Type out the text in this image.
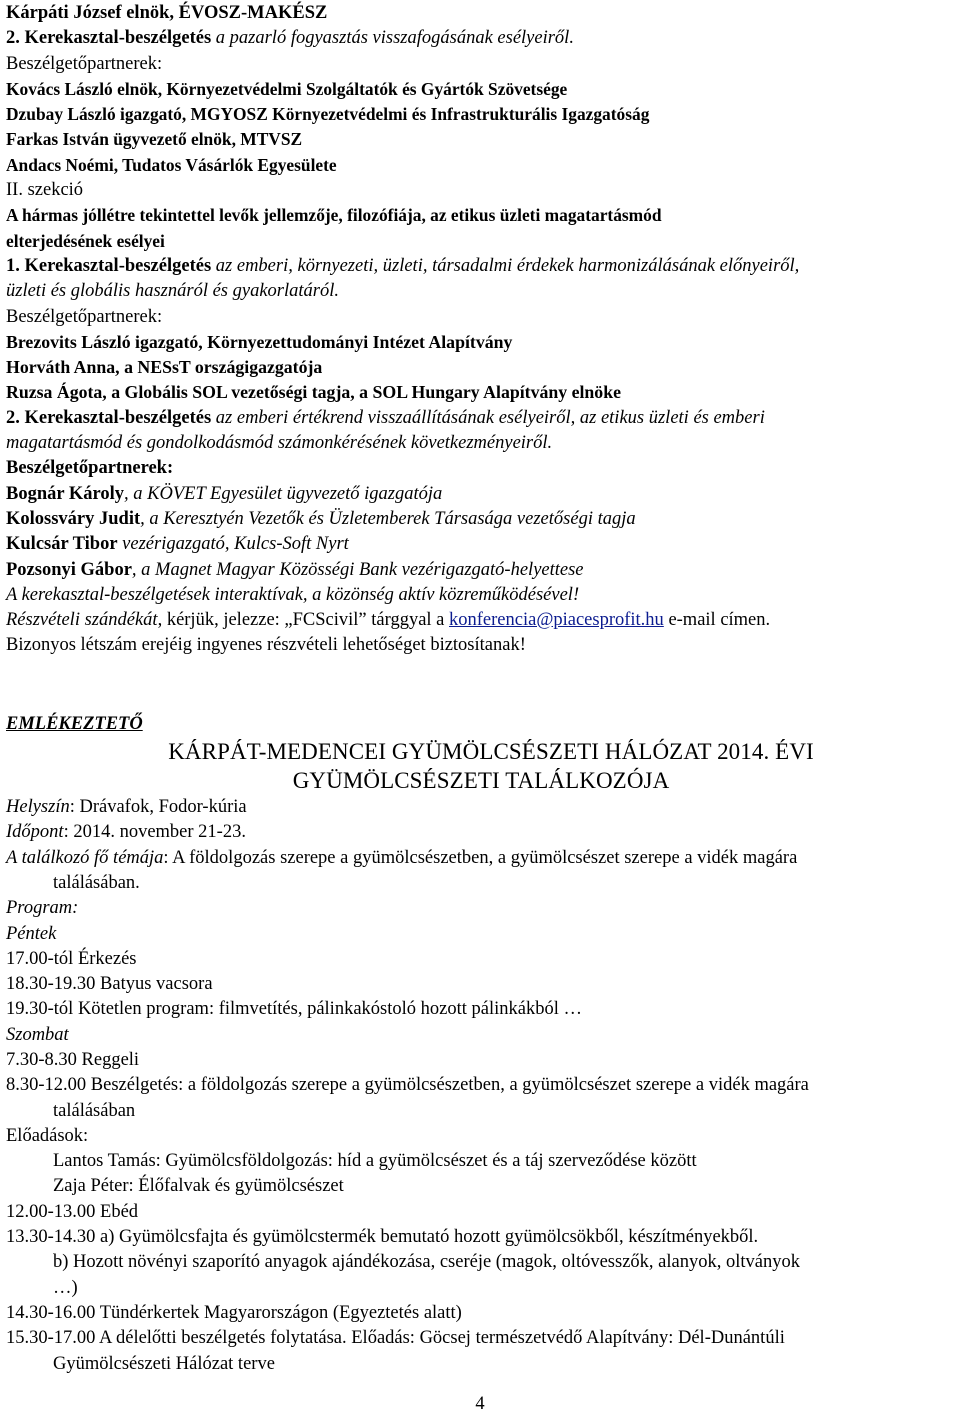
Kárpáti József elnök, ÉVOSZ-MAKÉSZ
2. Kerekasztal-beszélgetés a pazarló fogyasztás visszafogásának esélyeiről.
Beszélgetőpartnerek:
Kovács László elnök, Környezetvédelmi Szolgáltatók és Gyártók Szövetsége
Dzubay László igazgató, MGYOSZ Környezetvédelmi és Infrastrukturális Igazgatóság
Farkas István ügyvezető elnök, MTVSZ
Andacs Noémi, Tudatos Vásárlók Egyesülete
II. szekció
A hármas jóllétre tekintettel levők jellemzője, filozófiája, az etikus üzleti magatartásmód
elterjedésének esélyei
1. Kerekasztal-beszélgetés az emberi, környezeti, üzleti, társadalmi érdekek harmonizálásának előnyeiről,
üzleti és globális hasznáról és gyakorlatáról.
Beszélgetőpartnerek:
Brezovits László igazgató, Környezettudományi Intézet Alapítvány
Horváth Anna, a NESsT országigazgatója
Ruzsa Ágota, a Globális SOL vezetőségi tagja, a SOL Hungary Alapítvány elnöke
2. Kerekasztal-beszélgetés az emberi értékrend visszaállításának esélyeiről, az etikus üzleti és emberi
magatartásmód és gondolkodásmód számonkérésének következményeiről.
Beszélgetőpartnerek:
Bognár Károly, a KÖVET Egyesület ügyvezető igazgatója
Kolossváry Judit, a Keresztyén Vezetők és Üzletemberek Társasága vezetőségi tagja
Kulcsár Tibor vezérigazgató, Kulcs-Soft Nyrt
Pozsonyi Gábor, a Magnet Magyar Közösségi Bank vezérigazgató-helyettese
A kerekasztal-beszélgetések interaktívak, a közönség aktív közreműködésével!
Részvételi szándékát, kérjük, jelezze: „FCScivil” tárggyal a konferencia@piacesprofit.hu e-mail címen.
Bizonyos létszám erejéig ingyenes részvételi lehetőséget biztosítanak!
EMLÉKEZTETŐ
KÁRPÁT-MEDENCEI GYÜMÖLCSÉSZETI HÁLÓZAT 2014. ÉVI
GYÜMÖLCSÉSZETI TALÁLKOZÓJA
Helyszín: Drávafok, Fodor-kúria
Időpont: 2014. november 21-23.
A találkozó fő témája: A földolgozás szerepe a gyümölcsészetben, a gyümölcsészet szerepe a vidék magára
találásában.
Program:
Péntek
17.00-tól Érkezés
18.30-19.30 Batyus vacsora
19.30-tól Kötetlen program: filmvetítés, pálinkakóstoló hozott pálinkákból …
Szombat
7.30-8.30 Reggeli
8.30-12.00 Beszélgetés: a földolgozás szerepe a gyümölcsészetben, a gyümölcsészet szerepe a vidék magára
találásában
Előadások:
Lantos Tamás: Gyümölcsföldolgozás: híd a gyümölcsészet és a táj szerveződése között
Zaja Péter: Élőfalvak és gyümölcsészet
12.00-13.00 Ebéd
13.30-14.30 a) Gyümölcsfajta és gyümölcstermék bemutató hozott gyümölcsökből, készítményekből.
b) Hozott növényi szaporító anyagok ajándékozása, cseréje (magok, oltóvesszők, alanyok, oltványok
…)
14.30-16.00 Tündérkertek Magyarországon (Egyeztetés alatt)
15.30-17.00 A délelőtti beszélgetés folytatása. Előadás: Göcsej természetvédő Alapítvány: Dél-Dunántúli
Gyümölcsészeti Hálózat terve
4
